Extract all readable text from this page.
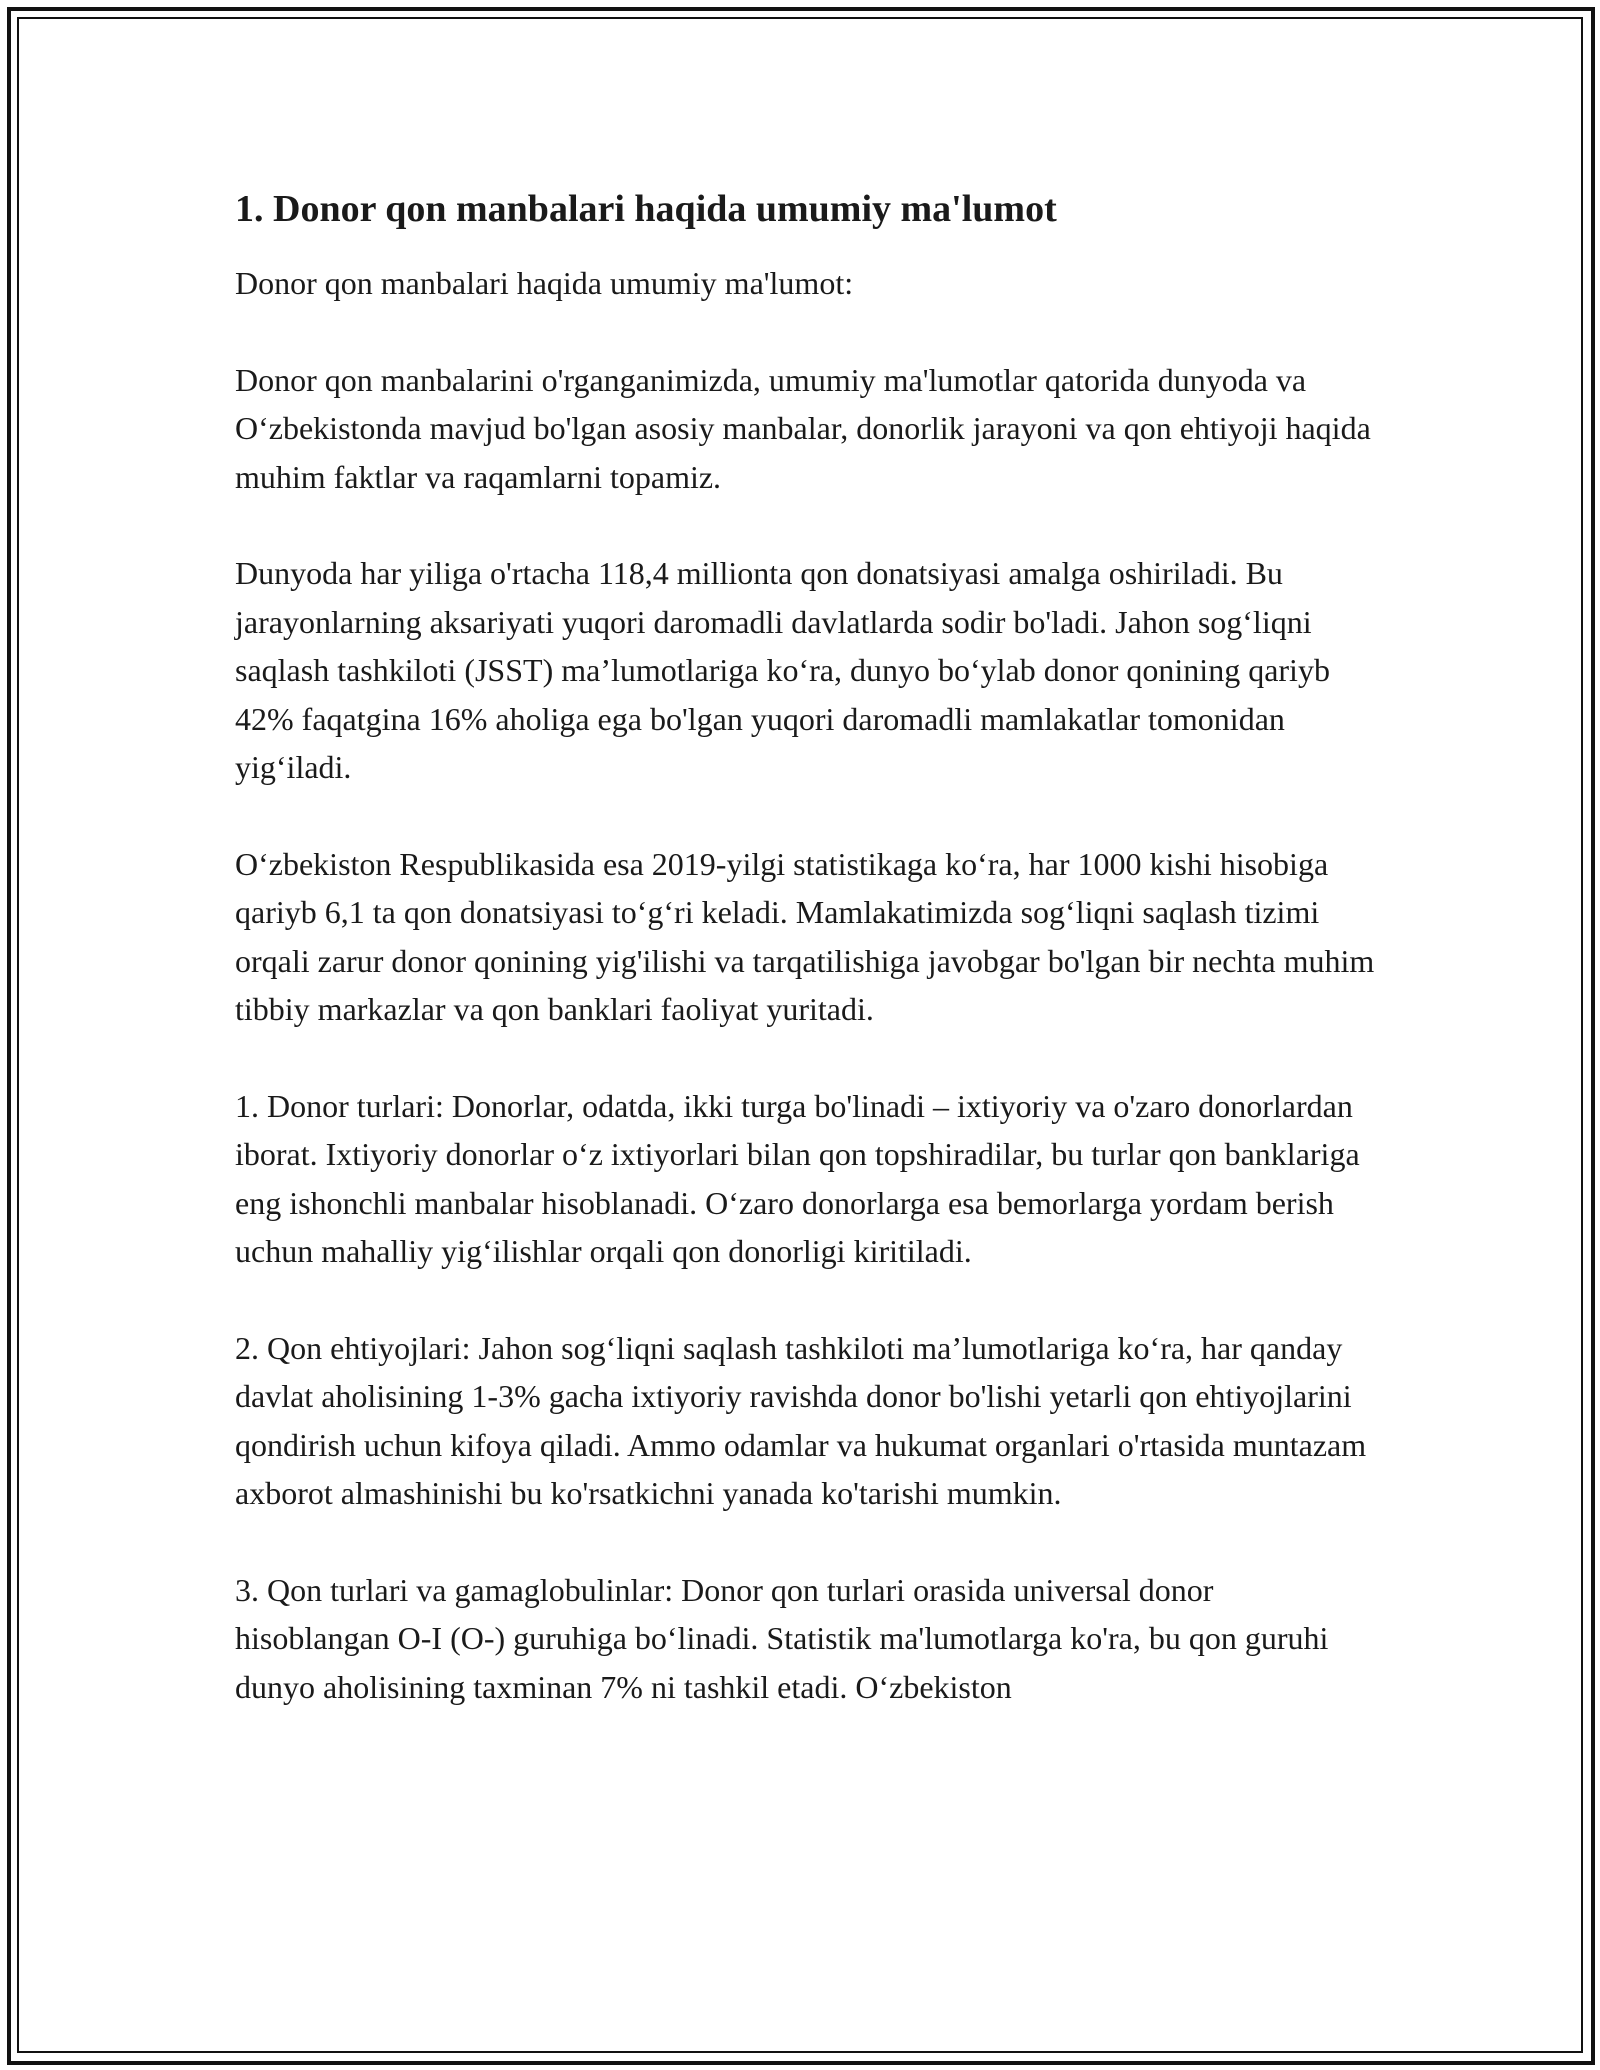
1. Donor qon manbalari haqida umumiy ma'lumot

Donor qon manbalari haqida umumiy ma'lumot:

Donor qon manbalarini o'rganganimizda, umumiy ma'lumotlar qatorida dunyoda va O‘zbekistonda mavjud bo'lgan asosiy manbalar, donorlik jarayoni va qon ehtiyoji haqida muhim faktlar va raqamlarni topamiz.

Dunyoda har yiliga o'rtacha 118,4 millionta qon donatsiyasi amalga oshiriladi. Bu jarayonlarning aksariyati yuqori daromadli davlatlarda sodir bo'ladi. Jahon sog‘liqni saqlash tashkiloti (JSST) ma’lumotlariga ko‘ra, dunyo bo‘ylab donor qonining qariyb 42% faqatgina 16% aholiga ega bo'lgan yuqori daromadli mamlakatlar tomonidan yig‘iladi.

O‘zbekiston Respublikasida esa 2019-yilgi statistikaga ko‘ra, har 1000 kishi hisobiga qariyb 6,1 ta qon donatsiyasi to‘g‘ri keladi. Mamlakatimizda sog‘liqni saqlash tizimi orqali zarur donor qonining yig'ilishi va tarqatilishiga javobgar bo'lgan bir nechta muhim tibbiy markazlar va qon banklari faoliyat yuritadi.

1. Donor turlari: Donorlar, odatda, ikki turga bo'linadi – ixtiyoriy va o'zaro donorlardan iborat. Ixtiyoriy donorlar o‘z ixtiyorlari bilan qon topshiradilar, bu turlar qon banklariga eng ishonchli manbalar hisoblanadi. O‘zaro donorlarga esa bemorlarga yordam berish uchun mahalliy yig‘ilishlar orqali qon donorligi kiritiladi.

2. Qon ehtiyojlari: Jahon sog‘liqni saqlash tashkiloti ma’lumotlariga ko‘ra, har qanday davlat aholisining 1-3% gacha ixtiyoriy ravishda donor bo'lishi yetarli qon ehtiyojlarini qondirish uchun kifoya qiladi. Ammo odamlar va hukumat organlari o'rtasida muntazam axborot almashinishi bu ko'rsatkichni yanada ko'tarishi mumkin.

3. Qon turlari va gamaglobulinlar: Donor qon turlari orasida universal donor hisoblangan O-I (O-) guruhiga bo‘linadi. Statistik ma'lumotlarga ko'ra, bu qon guruhi dunyo aholisining taxminan 7% ni tashkil etadi. O‘zbekiston
